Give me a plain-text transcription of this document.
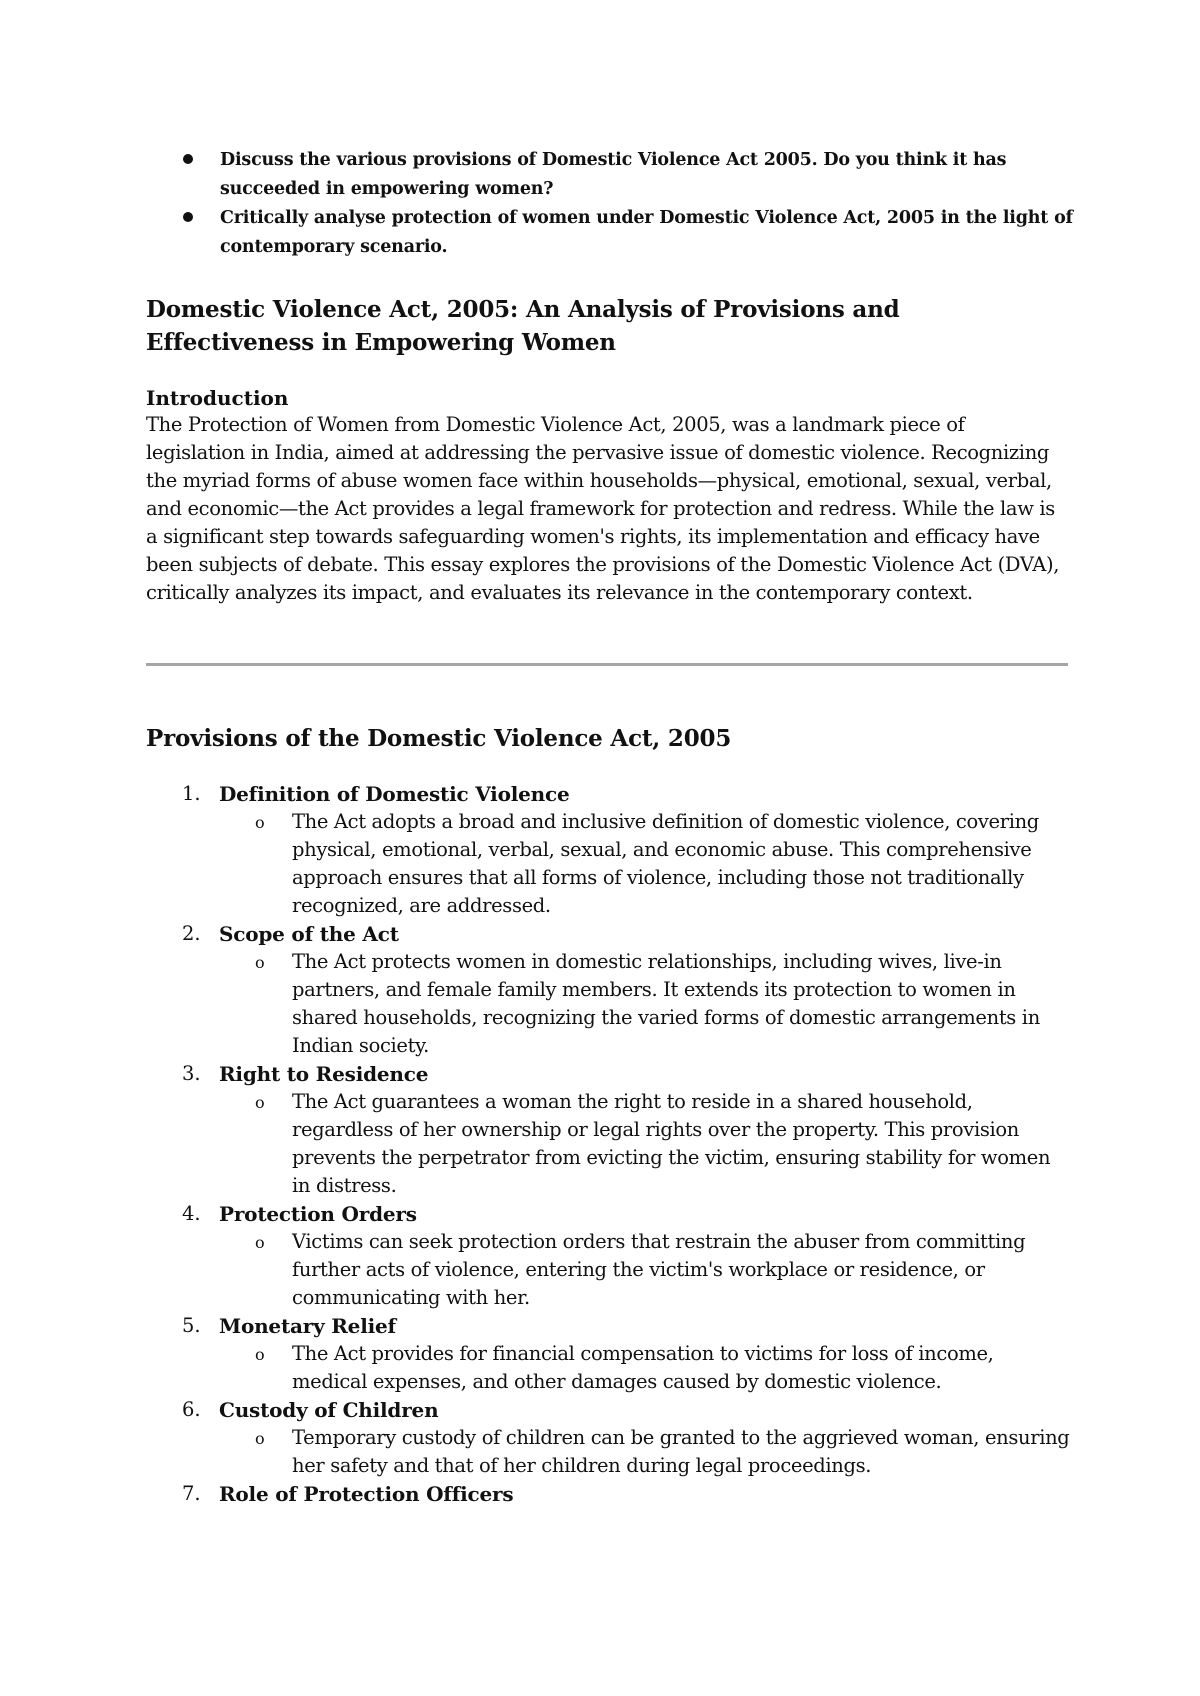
Discuss the various provisions of Domestic Violence Act 2005. Do you think it has succeeded in empowering women?
Critically analyse protection of women under Domestic Violence Act, 2005 in the light of contemporary scenario.
Domestic Violence Act, 2005: An Analysis of Provisions and Effectiveness in Empowering Women
Introduction

The Protection of Women from Domestic Violence Act, 2005, was a landmark piece of legislation in India, aimed at addressing the pervasive issue of domestic violence. Recognizing the myriad forms of abuse women face within households—physical, emotional, sexual, verbal, and economic—the Act provides a legal framework for protection and redress. While the law is a significant step towards safeguarding women's rights, its implementation and efficacy have been subjects of debate. This essay explores the provisions of the Domestic Violence Act (DVA), critically analyzes its impact, and evaluates its relevance in the contemporary context.

Provisions of the Domestic Violence Act, 2005
1. Definition of Domestic Violence
o The Act adopts a broad and inclusive definition of domestic violence, covering physical, emotional, verbal, sexual, and economic abuse. This comprehensive approach ensures that all forms of violence, including those not traditionally recognized, are addressed.
2. Scope of the Act
o The Act protects women in domestic relationships, including wives, live-in partners, and female family members. It extends its protection to women in shared households, recognizing the varied forms of domestic arrangements in Indian society.
3. Right to Residence
o The Act guarantees a woman the right to reside in a shared household, regardless of her ownership or legal rights over the property. This provision prevents the perpetrator from evicting the victim, ensuring stability for women in distress.
4. Protection Orders
o Victims can seek protection orders that restrain the abuser from committing further acts of violence, entering the victim's workplace or residence, or communicating with her.
5. Monetary Relief
o The Act provides for financial compensation to victims for loss of income, medical expenses, and other damages caused by domestic violence.
6. Custody of Children
o Temporary custody of children can be granted to the aggrieved woman, ensuring her safety and that of her children during legal proceedings.
7. Role of Protection Officers
